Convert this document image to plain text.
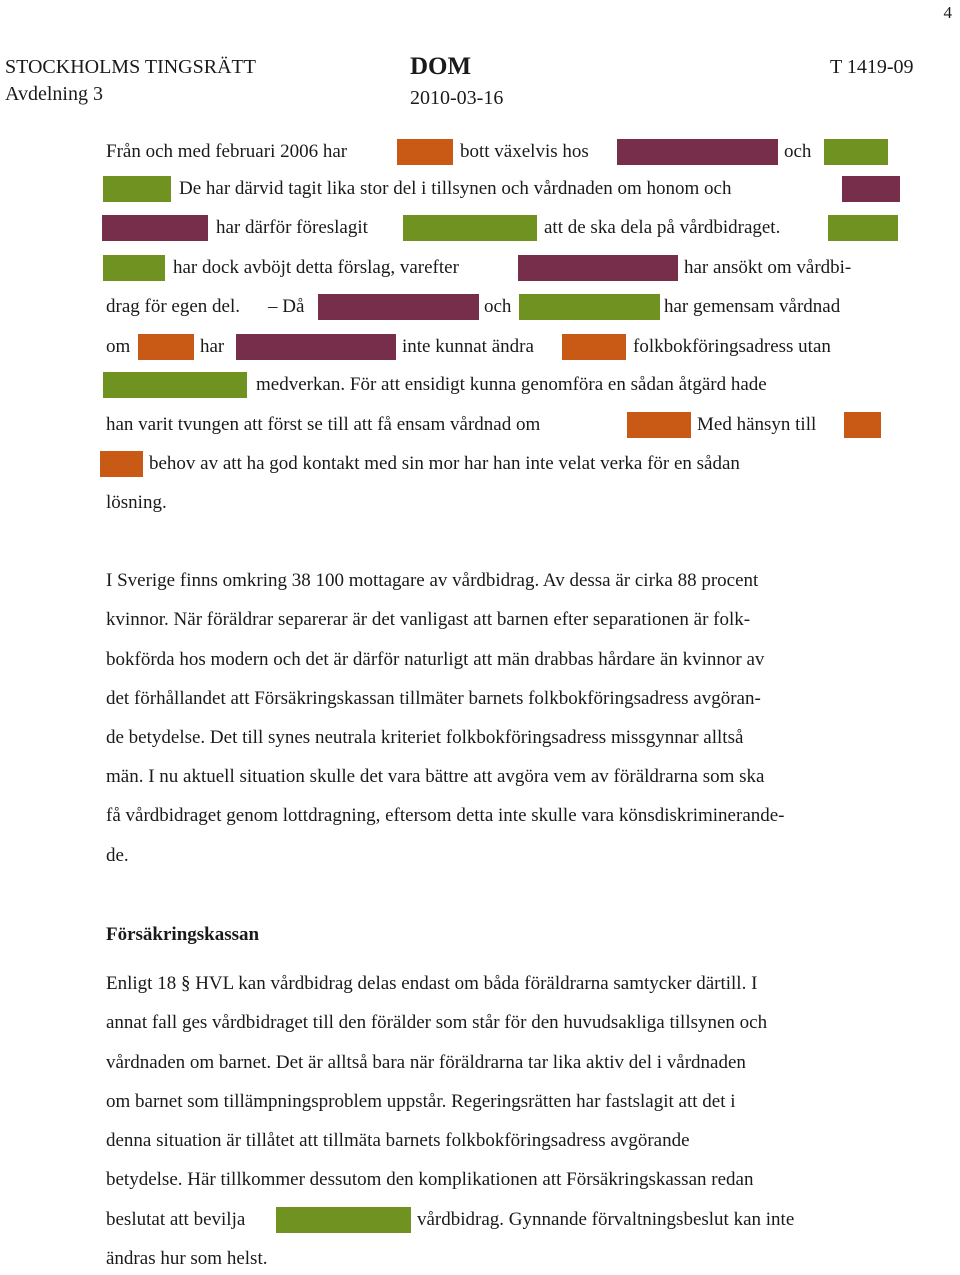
4
STOCKHOLMS TINGSRÄTT
Avdelning 3
DOM
2010-03-16
T 1419-09
Från och med februari 2006 har	bott växelvis hos	och
De har därvid tagit lika stor del i tillsynen och vårdnaden om honom och
har därför föreslagit	att de ska dela på vårdbidraget.
har dock avböjt detta förslag, varefter	har ansökt om vårdbi-
drag för egen del. – Då	och	har gemensam vårdnad
om	har	inte kunnat ändra	folkbokföringsadress utan
medverkan. För att ensidigt kunna genomföra en sådan åtgärd hade
han varit tvungen att först se till att få ensam vårdnad om	Med hänsyn till
behov av att ha god kontakt med sin mor har han inte velat verka för en sådan
lösning.
I Sverige finns omkring 38 100 mottagare av vårdbidrag. Av dessa är cirka 88 procent
kvinnor. När föräldrar separerar är det vanligast att barnen efter separationen är folk-
bokförda hos modern och det är därför naturligt att män drabbas hårdare än kvinnor av
det förhållandet att Försäkringskassan tillmäter barnets folkbokföringsadress avgöran-
de betydelse. Det till synes neutrala kriteriet folkbokföringsadress missgynnar alltså
män. I nu aktuell situation skulle det vara bättre att avgöra vem av föräldrarna som ska
få vårdbidraget genom lottdragning, eftersom detta inte skulle vara könsdiskriminerande-
de.
Försäkringskassan
Enligt 18 § HVL kan vårdbidrag delas endast om båda föräldrarna samtycker därtill. I
annat fall ges vårdbidraget till den förälder som står för den huvudsakliga tillsynen och
vårdnaden om barnet. Det är alltså bara när föräldrarna tar lika aktiv del i vårdnaden
om barnet som tillämpningsproblem uppstår. Regeringsrätten har fastslagit att det i
denna situation är tillåtet att tillmäta barnets folkbokföringsadress avgörande
betydelse. Här tillkommer dessutom den komplikationen att Försäkringskassan redan
beslutat att bevilja	vårdbidrag. Gynnande förvaltningsbeslut kan inte
ändras hur som helst.
